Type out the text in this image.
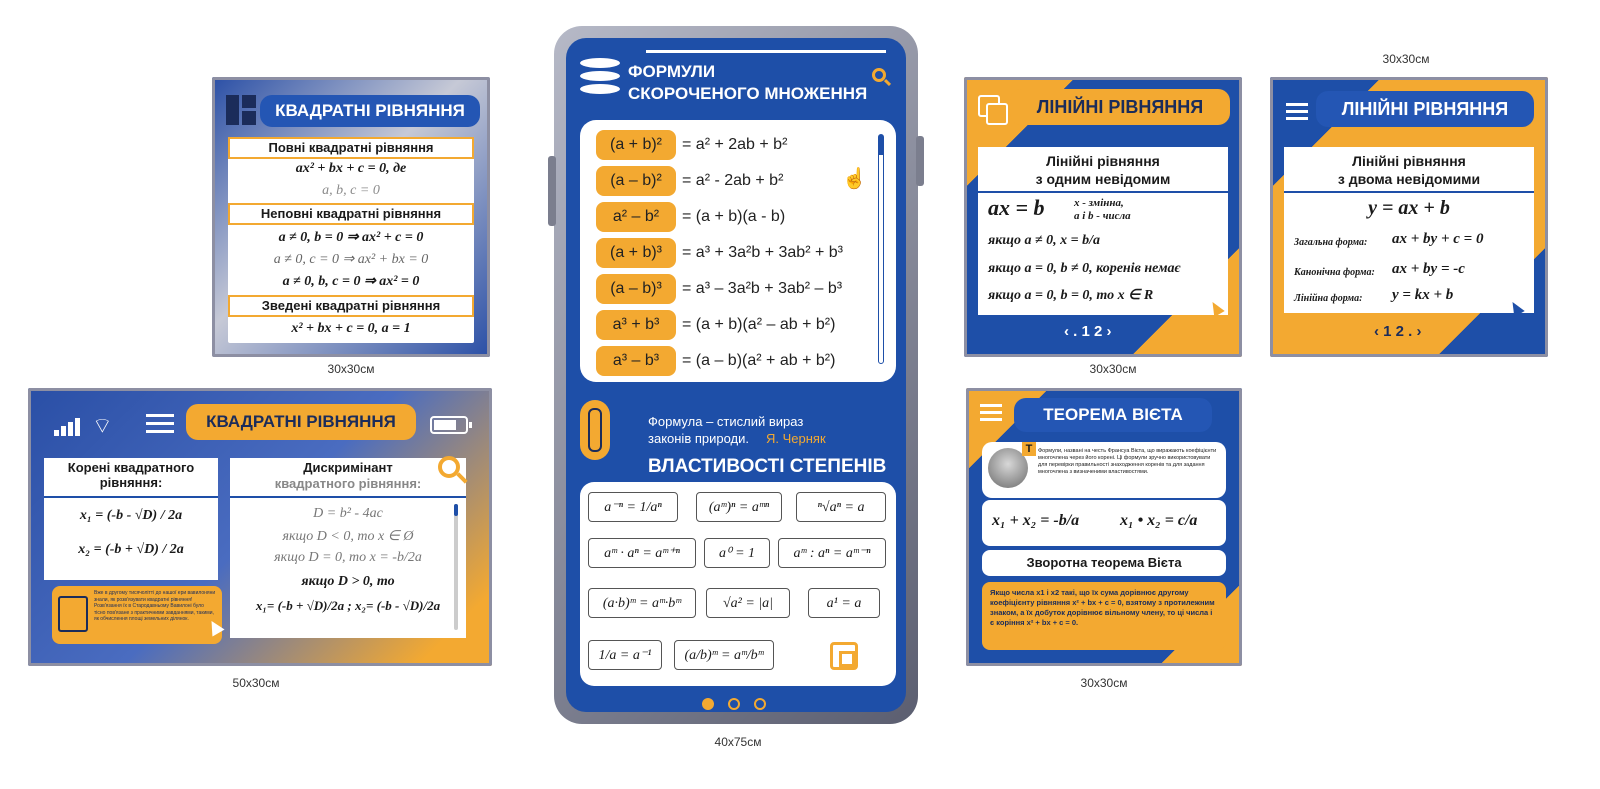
КВАДРАТНІ РІВНЯННЯ
Повні квадратні рівняння
ax² + bx + c = 0, де
a, b, c = 0
Неповні квадратні рівняння
a ≠ 0, b = 0 ⇒ ax² + c = 0
a ≠ 0, c = 0 ⇒ ax² + bx = 0
a ≠ 0, b, c = 0 ⇒ ax² = 0
Зведені квадратні рівняння
x² + bx + c = 0, a = 1
30x30см
⌔	КВАДРАТНІ РІВНЯННЯ
Корені квадратного рівняння:
x₁ = (-b - √D) / 2a
x₂ = (-b + √D) / 2a
Дискримінант
квадратного рівняння:
D = b² - 4ac
якщо D < 0, то x ∈ Ø
якщо D = 0, то x = -b/2a
якщо D > 0, то
x₁= (-b + √D)/2a ; x₂= (-b - √D)/2a
Вже в другому тисячолітті до нашої ери вавилоняни знали, як розв'язувати квадратні рівняння! Розв'язання їх в Стародавньому Вавилоні було тісно пов'язане з практичними завданнями, такими, як обчислення площі земельних ділянок.
50x30см
ФОРМУЛИ
СКОРОЧЕНОГО МНОЖЕННЯ
(a + b)²	= a² + 2ab + b²
(a – b)²	= a² - 2ab + b²
a² – b²	= (a + b)(a - b)
(a + b)³	= a³ + 3a²b + 3ab² + b³
(a – b)³	= a³ – 3a²b + 3ab² – b³
a³ + b³	= (a + b)(a² – ab + b²)
a³ – b³	= (a – b)(a² + ab + b²)
☝
Формула – стислий вираз
законів природи. Я. Черняк
ВЛАСТИВОСТІ СТЕПЕНІВ
a⁻ⁿ = 1/aⁿ	(aᵐ)ⁿ = aᵐⁿ	ⁿ√aⁿ = a
aᵐ · aⁿ = aᵐ⁺ⁿ	a⁰ = 1	aᵐ : aⁿ = aᵐ⁻ⁿ
(a·b)ᵐ = aᵐ·bᵐ	√a² = |a|	a¹ = a
1/a = a⁻¹	(a/b)ᵐ = aᵐ/bᵐ
40x75см
ЛІНІЙНІ РІВНЯННЯ
Лінійні рівняння
з одним невідомим
ax = b	x - змінна,
a і b - числа
якщо a ≠ 0, x = b/a
якщо a = 0, b ≠ 0, коренів немає
якщо a = 0, b = 0, то x ∈ R
‹ . 1 2 ›
30x30см
30x30см
ЛІНІЙНІ РІВНЯННЯ
Лінійні рівняння
з двома невідомими
y = ax + b
Загальна форма: ax + by + c = 0
Канонічна форма: ax + by = -c
Лінійна форма: y = kx + b
‹ 1 2 . ›
ТЕОРЕМА ВІЄТА
T	Формули, названі на честь Франсуа Вієта, що виражають коефіцієнти многочлена через його корені. Ці формули зручно використовувати для перевірки правильності знаходження коренів та для задання многочлена з визначеними властивостями.
x₁ + x₂ = -b/a	x₁ • x₂ = c/a
Зворотна теорема Вієта
Якщо числа x1 і x2 такі, що їх сума дорівнює другому коефіцієнту рівняння x² + bx + c = 0, взятому з протилежним знаком, а їх добуток дорівнює вільному члену, то ці числа і є коріння x² + bx + c = 0.
30x30см
